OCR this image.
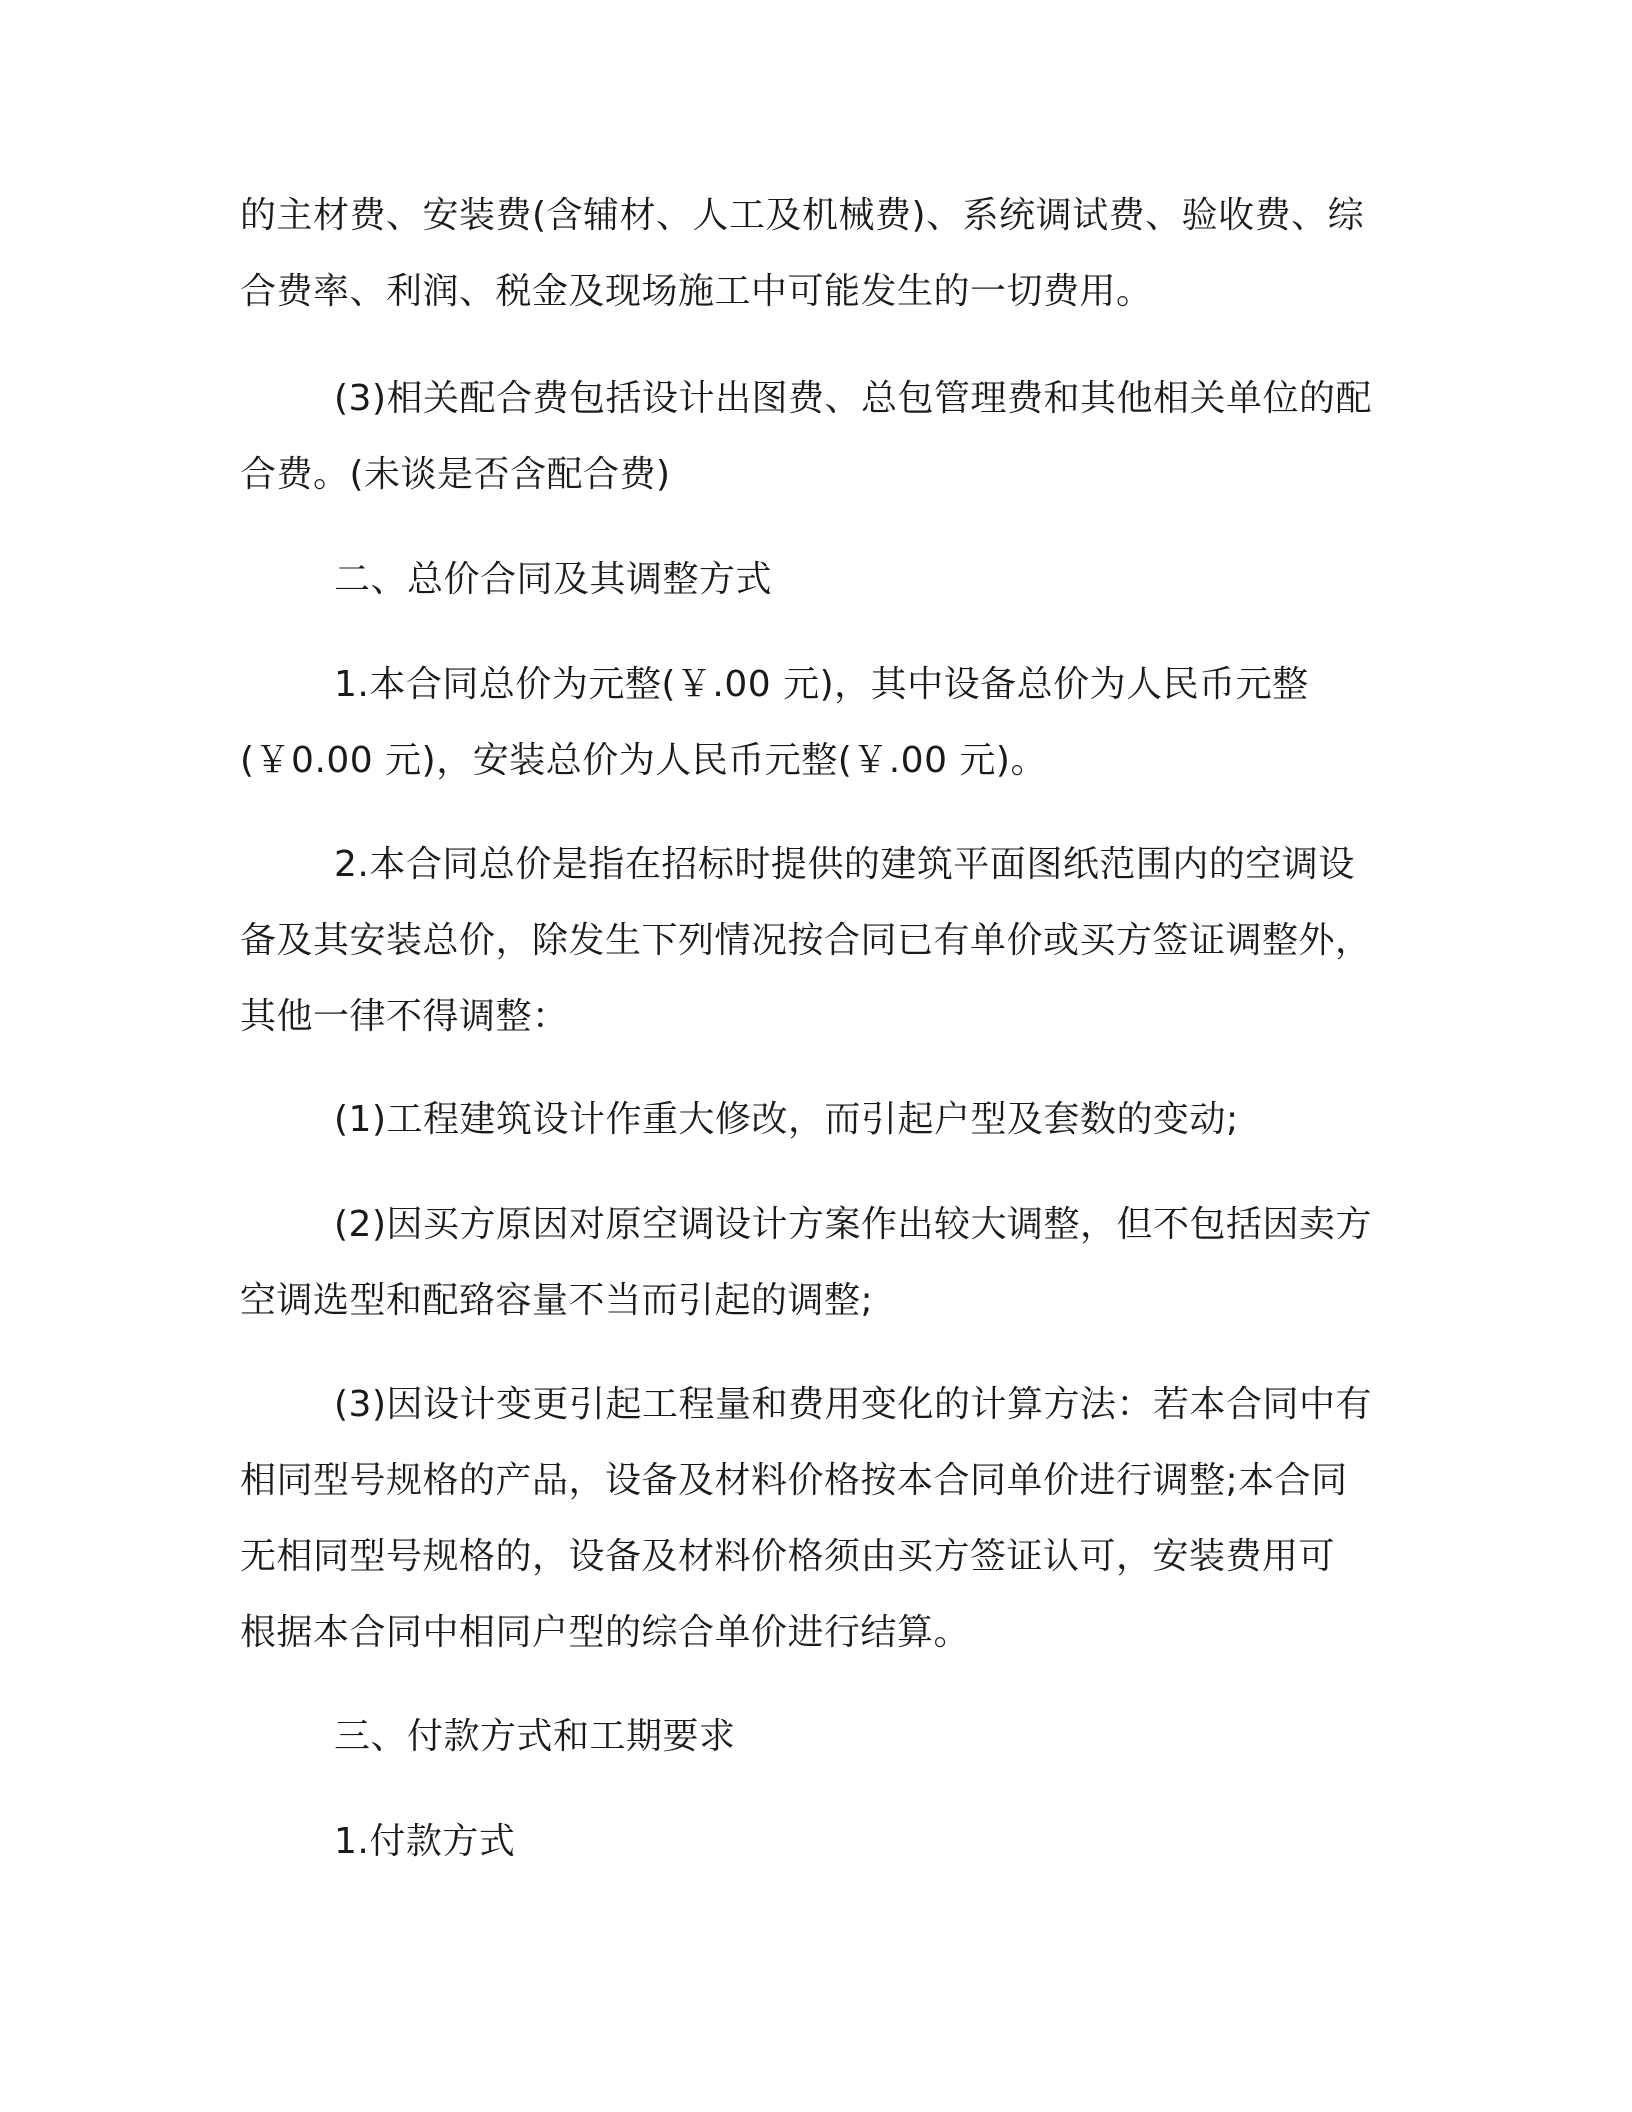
的主材费、安装费(含辅材、人工及机械费)、系统调试费、验收费、综
合费率、利润、税金及现场施工中可能发生的一切费用。
(3)相关配合费包括设计出图费、总包管理费和其他相关单位的配
合费。(未谈是否含配合费)
二、总价合同及其调整方式
1.本合同总价为元整(￥.00 元)，其中设备总价为人民币元整
(￥0.00 元)，安装总价为人民币元整(￥.00 元)。
2.本合同总价是指在招标时提供的建筑平面图纸范围内的空调设
备及其安装总价，除发生下列情况按合同已有单价或买方签证调整外，
其他一律不得调整：
(1)工程建筑设计作重大修改，而引起户型及套数的变动;
(2)因买方原因对原空调设计方案作出较大调整，但不包括因卖方
空调选型和配臵容量不当而引起的调整;
(3)因设计变更引起工程量和费用变化的计算方法：若本合同中有
相同型号规格的产品，设备及材料价格按本合同单价进行调整;本合同
无相同型号规格的，设备及材料价格须由买方签证认可，安装费用可
根据本合同中相同户型的综合单价进行结算。
三、付款方式和工期要求
1.付款方式
